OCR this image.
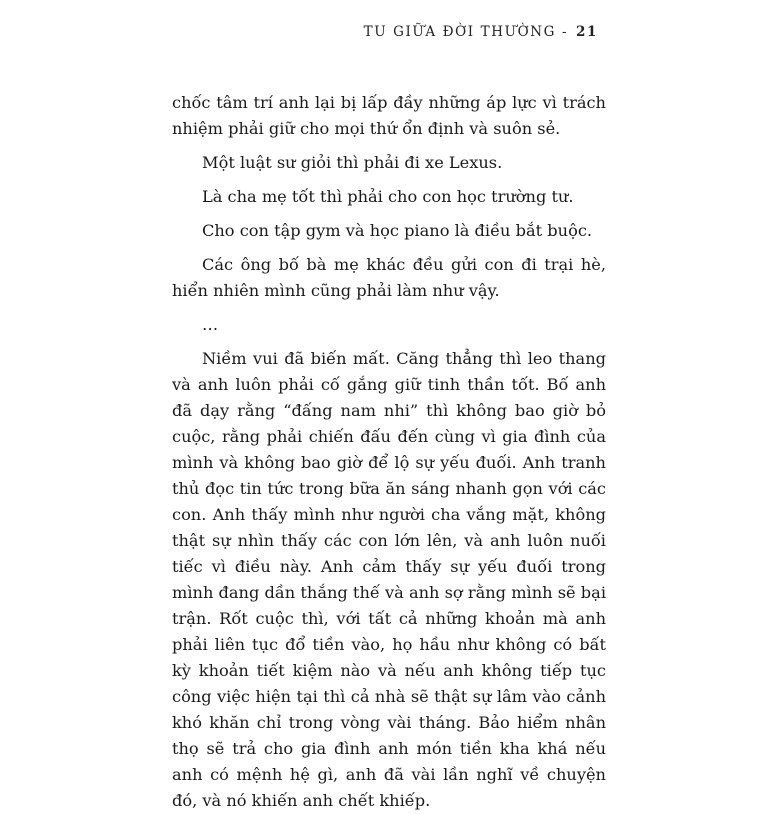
TU GIỮA ĐỜI THƯỜNG - 21

chốc tâm trí anh lại bị lấp đầy những áp lực vì trách nhiệm phải giữ cho mọi thứ ổn định và suôn sẻ.

Một luật sư giỏi thì phải đi xe Lexus.

Là cha mẹ tốt thì phải cho con học trường tư.

Cho con tập gym và học piano là điều bắt buộc.

Các ông bố bà mẹ khác đều gửi con đi trại hè, hiển nhiên mình cũng phải làm như vậy.

…

Niềm vui đã biến mất. Căng thẳng thì leo thang và anh luôn phải cố gắng giữ tinh thần tốt. Bố anh đã dạy rằng “đấng nam nhi” thì không bao giờ bỏ cuộc, rằng phải chiến đấu đến cùng vì gia đình của mình và không bao giờ để lộ sự yếu đuối. Anh tranh thủ đọc tin tức trong bữa ăn sáng nhanh gọn với các con. Anh thấy mình như người cha vắng mặt, không thật sự nhìn thấy các con lớn lên, và anh luôn nuối tiếc vì điều này. Anh cảm thấy sự yếu đuối trong mình đang dần thắng thế và anh sợ rằng mình sẽ bại trận. Rốt cuộc thì, với tất cả những khoản mà anh phải liên tục đổ tiền vào, họ hầu như không có bất kỳ khoản tiết kiệm nào và nếu anh không tiếp tục công việc hiện tại thì cả nhà sẽ thật sự lâm vào cảnh khó khăn chỉ trong vòng vài tháng. Bảo hiểm nhân thọ sẽ trả cho gia đình anh món tiền kha khá nếu anh có mệnh hệ gì, anh đã vài lần nghĩ về chuyện đó, và nó khiến anh chết khiếp.
